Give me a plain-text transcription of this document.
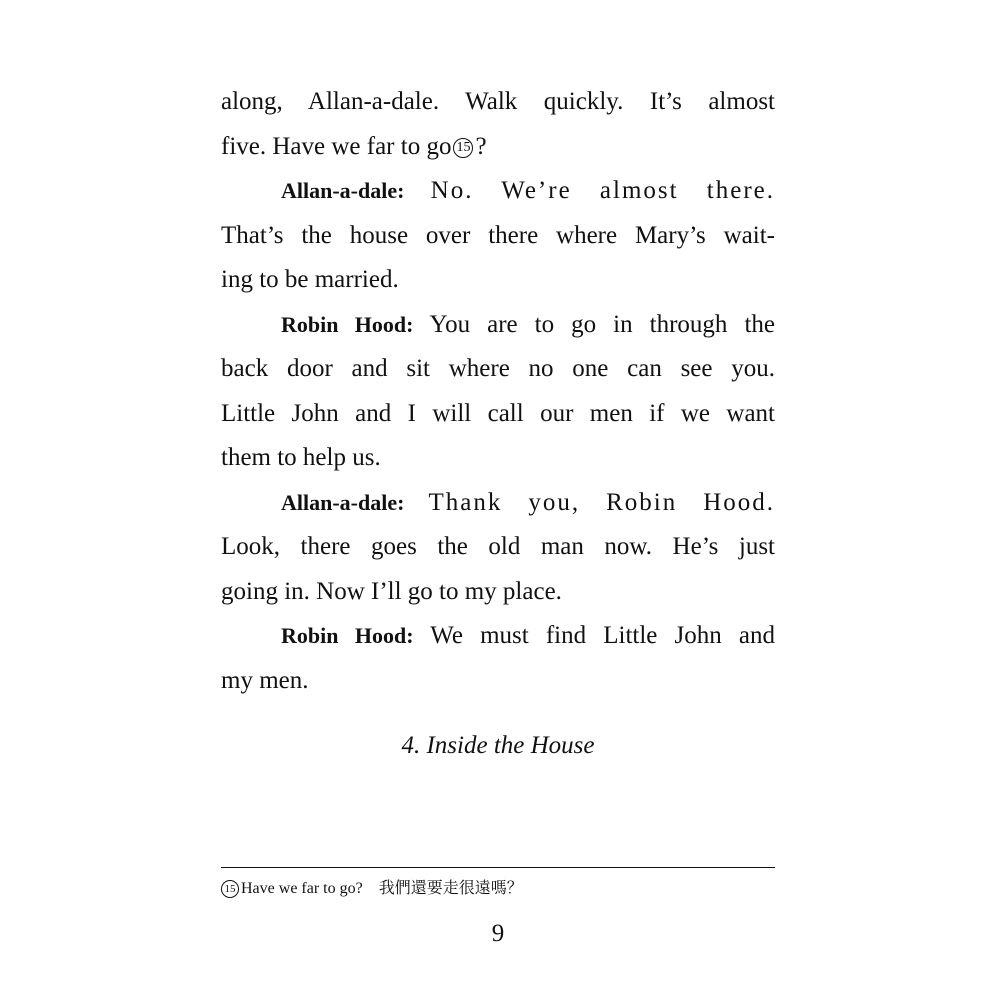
along, Allan-a-dale. Walk quickly. It’s almost
five. Have we far to go 15 ?
Allan-a-dale: No. We’re almost there.
That’s the house over there where Mary’s wait-
ing to be married.
Robin Hood: You are to go in through the
back door and sit where no one can see you.
Little John and I will call our men if we want
them to help us.
Allan-a-dale: Thank you, Robin Hood.
Look, there goes the old man now. He’s just
going in. Now I’ll go to my place.
Robin Hood: We must find Little John and
my men.
4. Inside the House
15 Have we far to go? 我們還要走很遠嗎？
9
